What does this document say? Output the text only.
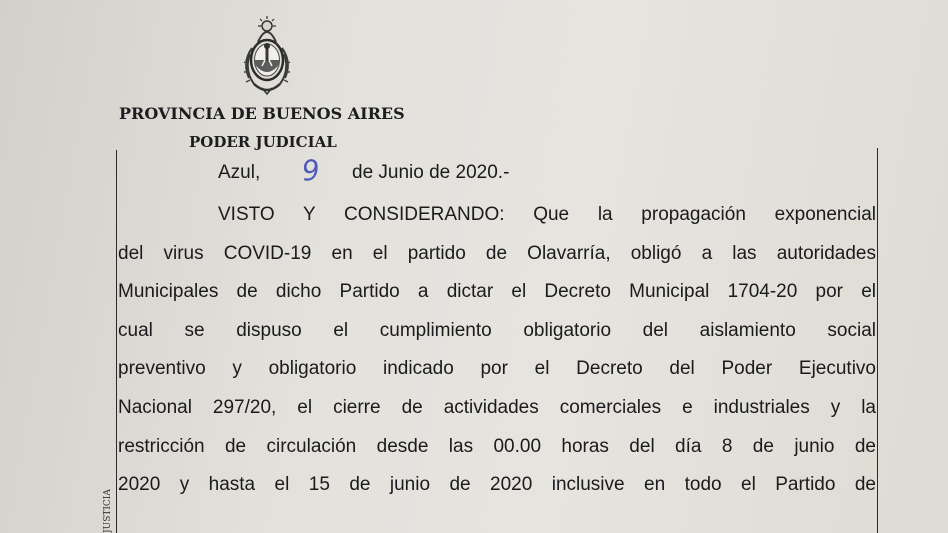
PROVINCIA DE BUENOS AIRES
PODER JUDICIAL
JUSTICIA
Azul, 9 de Junio de 2020.-
VISTO Y CONSIDERANDO: Que la propagación exponencial
del virus COVID-19 en el partido de Olavarría, obligó a las autoridades
Municipales de dicho Partido a dictar el Decreto Municipal 1704-20 por el
cual se dispuso el cumplimiento obligatorio del aislamiento social
preventivo y obligatorio indicado por el Decreto del Poder Ejecutivo
Nacional 297/20, el cierre de actividades comerciales e industriales y la
restricción de circulación desde las 00.00 horas del día 8 de junio de
2020 y hasta el 15 de junio de 2020 inclusive en todo el Partido de
